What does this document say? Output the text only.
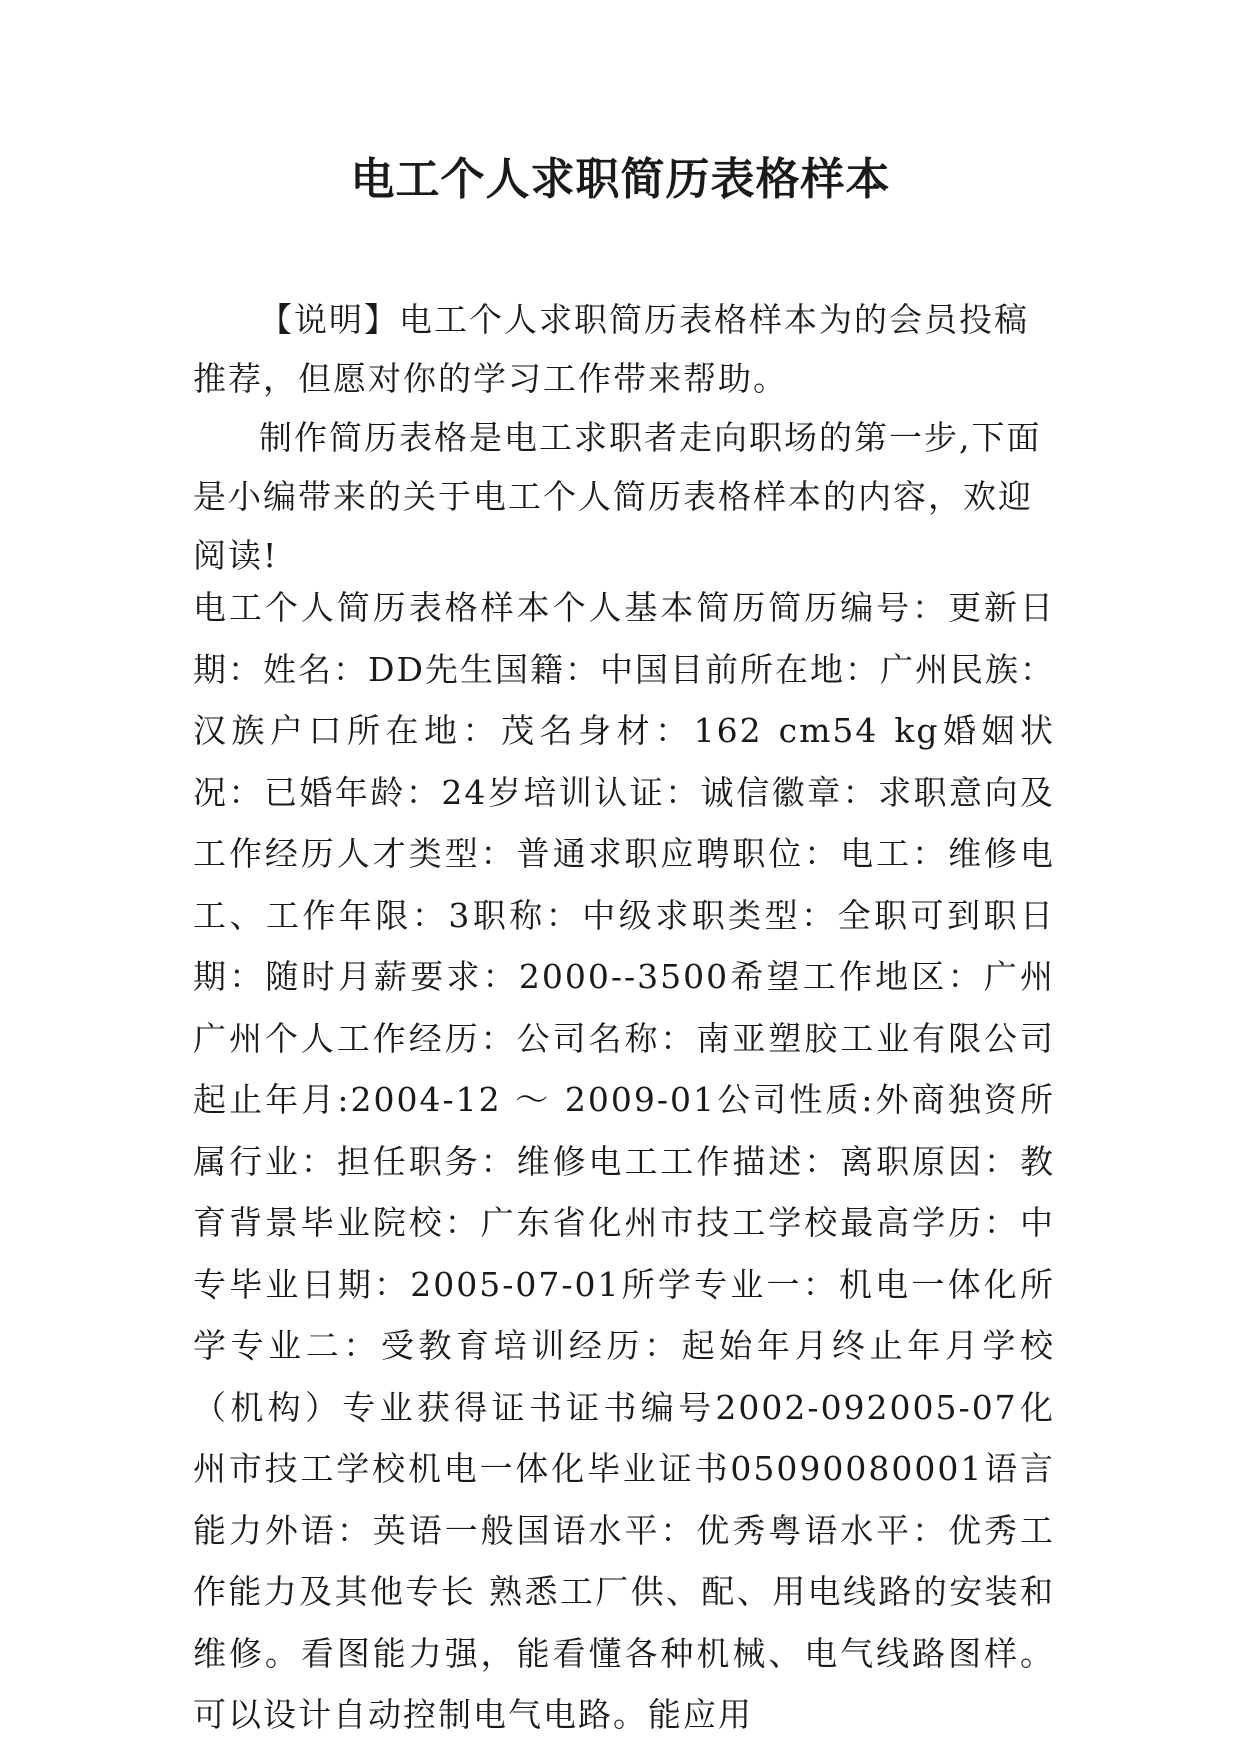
电工个人求职简历表格样本

【说明】电工个人求职简历表格样本为的会员投稿推荐，但愿对你的学习工作带来帮助。

制作简历表格是电工求职者走向职场的第一步,下面是小编带来的关于电工个人简历表格样本的内容，欢迎阅读!

电工个人简历表格样本个人基本简历简历编号：更新日期：姓名：DD先生国籍：中国目前所在地：广州民族：汉族户口所在地：茂名身材：162 cm54 kg婚姻状况：已婚年龄：24岁培训认证：诚信徽章：求职意向及工作经历人才类型：普通求职应聘职位：电工：维修电工、工作年限：3职称：中级求职类型：全职可到职日期：随时月薪要求：2000--3500希望工作地区：广州 广州个人工作经历：公司名称：南亚塑胶工业有限公司起止年月:2004-12 ～ 2009-01公司性质:外商独资所属行业：担任职务：维修电工工作描述：离职原因：教育背景毕业院校：广东省化州市技工学校最高学历：中专毕业日期：2005-07-01所学专业一：机电一体化所学专业二：受教育培训经历：起始年月终止年月学校（机构）专业获得证书证书编号2002-092005-07化州市技工学校机电一体化毕业证书05090080001语言能力外语：英语一般国语水平：优秀粤语水平：优秀工作能力及其他专长 熟悉工厂供、配、用电线路的安装和维修。看图能力强，能看懂各种机械、电气线路图样。可以设计自动控制电气电路。能应用
